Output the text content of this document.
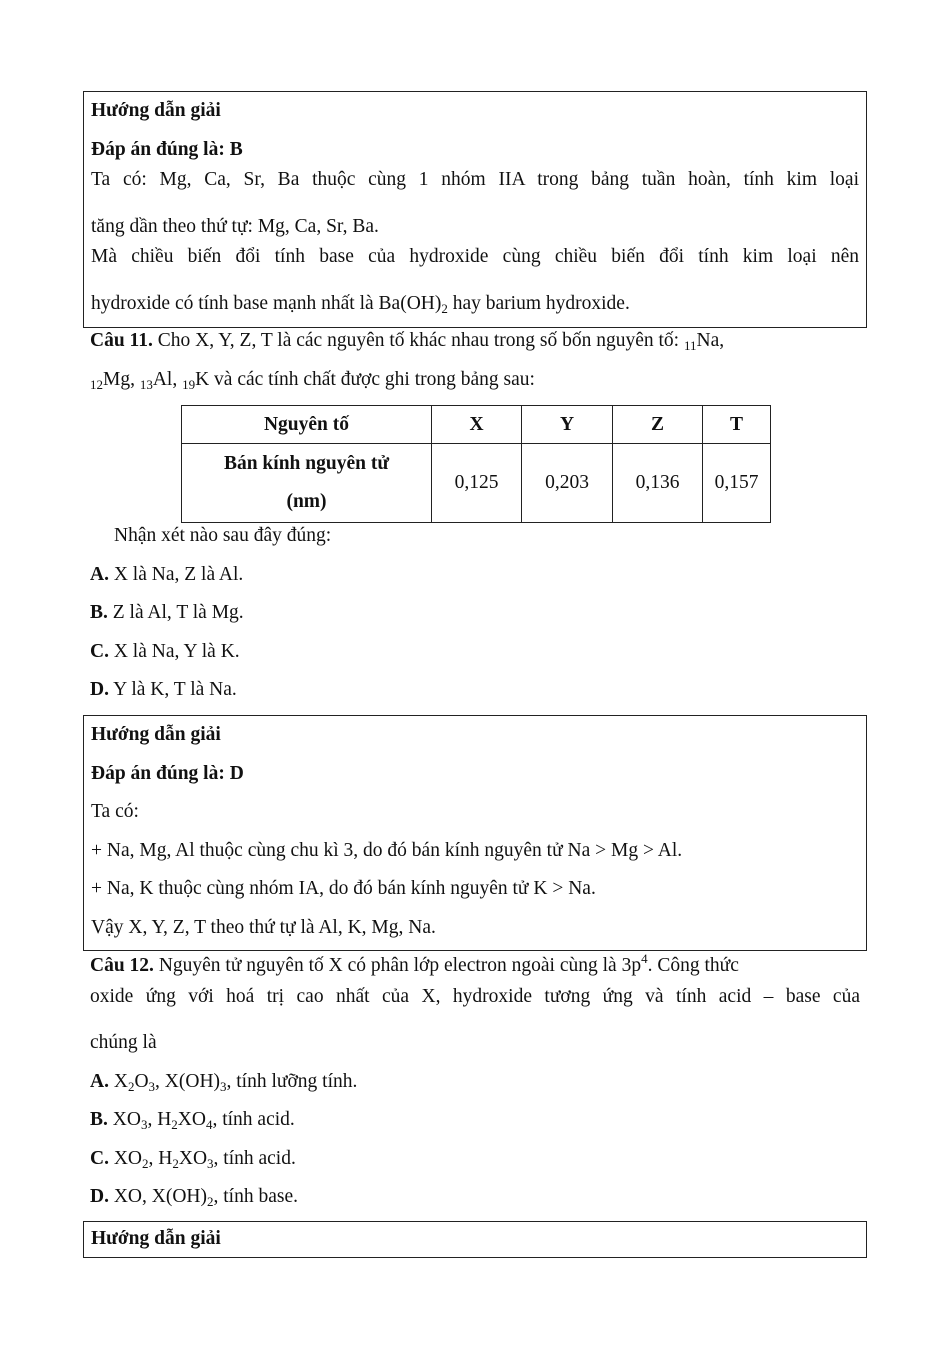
Hướng dẫn giải
Đáp án đúng là: B
Ta có: Mg, Ca, Sr, Ba thuộc cùng 1 nhóm IIA trong bảng tuần hoàn, tính kim loại
tăng dần theo thứ tự: Mg, Ca, Sr, Ba.
Mà chiều biến đổi tính base của hydroxide cùng chiều biến đổi tính kim loại nên
hydroxide có tính base mạnh nhất là $Ba(OH)_2$ hay barium hydroxide.
Câu 11. Cho X, Y, Z, T là các nguyên tố khác nhau trong số bốn nguyên tố: $_{11}$Na,
$_{12}$Mg, $_{13}$Al, $_{19}$K và các tính chất được ghi trong bảng sau:
Nguyên tố	X	Y	Z	T
Bán kính nguyên tử
(nm)	0,125	0,203	0,136	0,157
Nhận xét nào sau đây đúng:
A. X là Na, Z là Al.
B. Z là Al, T là Mg.
C. X là Na, Y là K.
D. Y là K, T là Na.
Hướng dẫn giải
Đáp án đúng là: D
Ta có:
+ Na, Mg, Al thuộc cùng chu kì 3, do đó bán kính nguyên tử Na > Mg > Al.
+ Na, K thuộc cùng nhóm IA, do đó bán kính nguyên tử K > Na.
Vậy X, Y, Z, T theo thứ tự là Al, K, Mg, Na.
Câu 12. Nguyên tử nguyên tố X có phân lớp electron ngoài cùng là $3p^4$. Công thức
oxide ứng với hoá trị cao nhất của X, hydroxide tương ứng và tính acid – base của
chúng là
A. $X_2O_3$, $X(OH)_3$, tính lưỡng tính.
B. $XO_3$, $H_2XO_4$, tính acid.
C. $XO_2$, $H_2XO_3$, tính acid.
D. XO, $X(OH)_2$, tính base.
Hướng dẫn giải
